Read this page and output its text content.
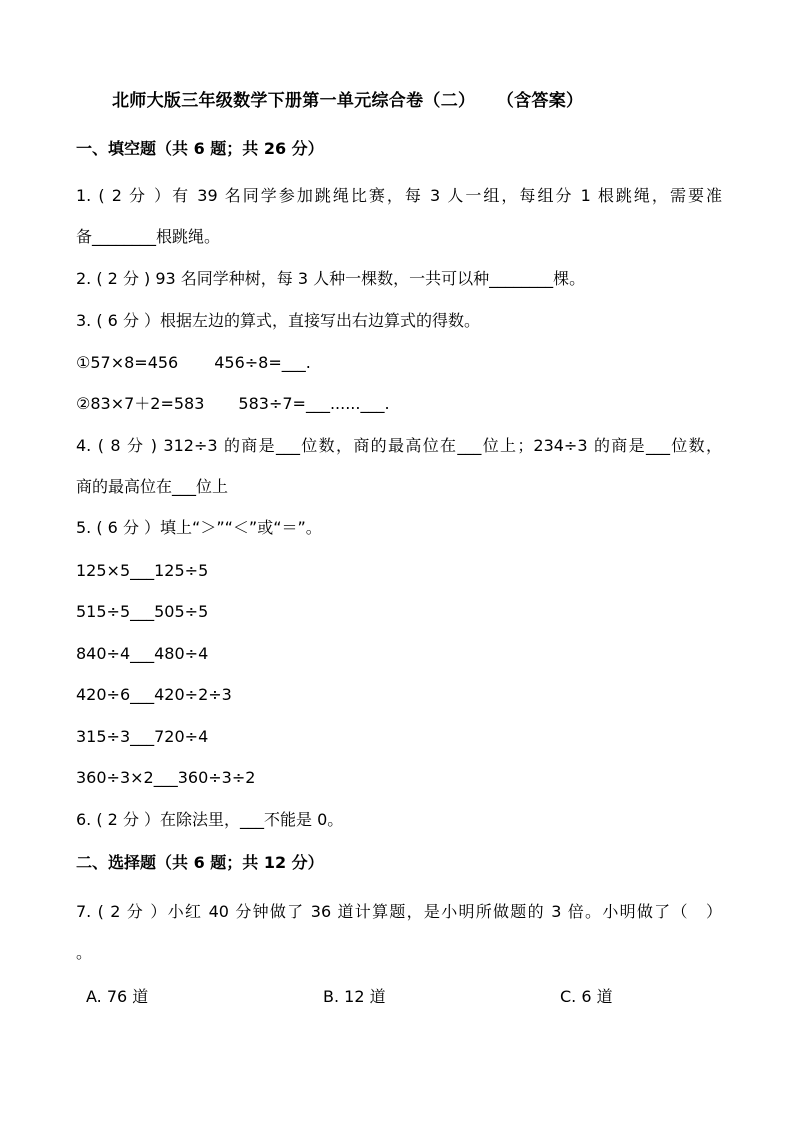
北师大版三年级数学下册第一单元综合卷（二） （含答案）
一、填空题（共 6 题；共 26 分）
1. ( 2 分 ）有 39 名同学参加跳绳比赛，每 3 人一组，每组分 1 根跳绳，需要准
备________根跳绳。
2. ( 2 分 ) 93 名同学种树，每 3 人种一棵数，一共可以种________棵。
3. ( 6 分 ）根据左边的算式，直接写出右边算式的得数。
①57×8=456 456÷8=___.
②83×7＋2=583 583÷7=___......___.
4. ( 8 分 ) 312÷3 的商是___位数，商的最高位在___位上；234÷3 的商是___位数，
商的最高位在___位上
5. ( 6 分 ）填上“＞”“＜”或“＝”。
125×5___125÷5
515÷5___505÷5
840÷4___480÷4
420÷6___420÷2÷3
315÷3___720÷4
360÷3×2___360÷3÷2
6. ( 2 分 ）在除法里，___不能是 0。
二、选择题（共 6 题；共 12 分）
7. ( 2 分 ）小红 40 分钟做了 36 道计算题，是小明所做题的 3 倍。小明做了（　）
。
A. 76 道	B. 12 道	C. 6 道
